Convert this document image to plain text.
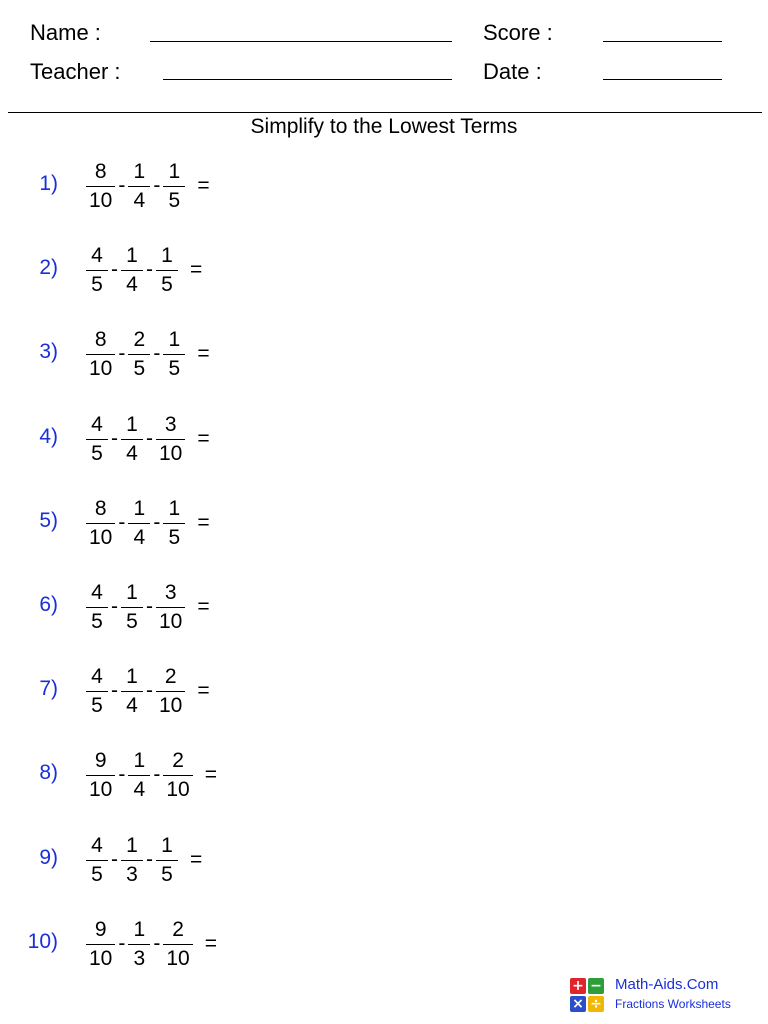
Name :
Teacher :
Score :
Date :
Simplify to the Lowest Terms
$1) \frac{8}{10} - \frac{1}{4} - \frac{1}{5}$ =
$2) \frac{4}{5} - \frac{1}{4} - \frac{1}{5}$ =
$3) \frac{8}{10} - \frac{2}{5} - \frac{1}{5}$ =
$4) \frac{4}{5} - \frac{1}{4} - \frac{3}{10}$ =
$5) \frac{8}{10} - \frac{1}{4} - \frac{1}{5}$ =
$6) \frac{4}{5} - \frac{1}{5} - \frac{3}{10}$ =
$7) \frac{4}{5} - \frac{1}{4} - \frac{2}{10}$ =
$8) \frac{9}{10} - \frac{1}{4} - \frac{2}{10}$ =
$9) \frac{4}{5} - \frac{1}{3} - \frac{1}{5}$ =
$10) \frac{9}{10} - \frac{1}{3} - \frac{2}{10}$ =
+ −
× ÷
Math-Aids.Com
Fractions Worksheets
